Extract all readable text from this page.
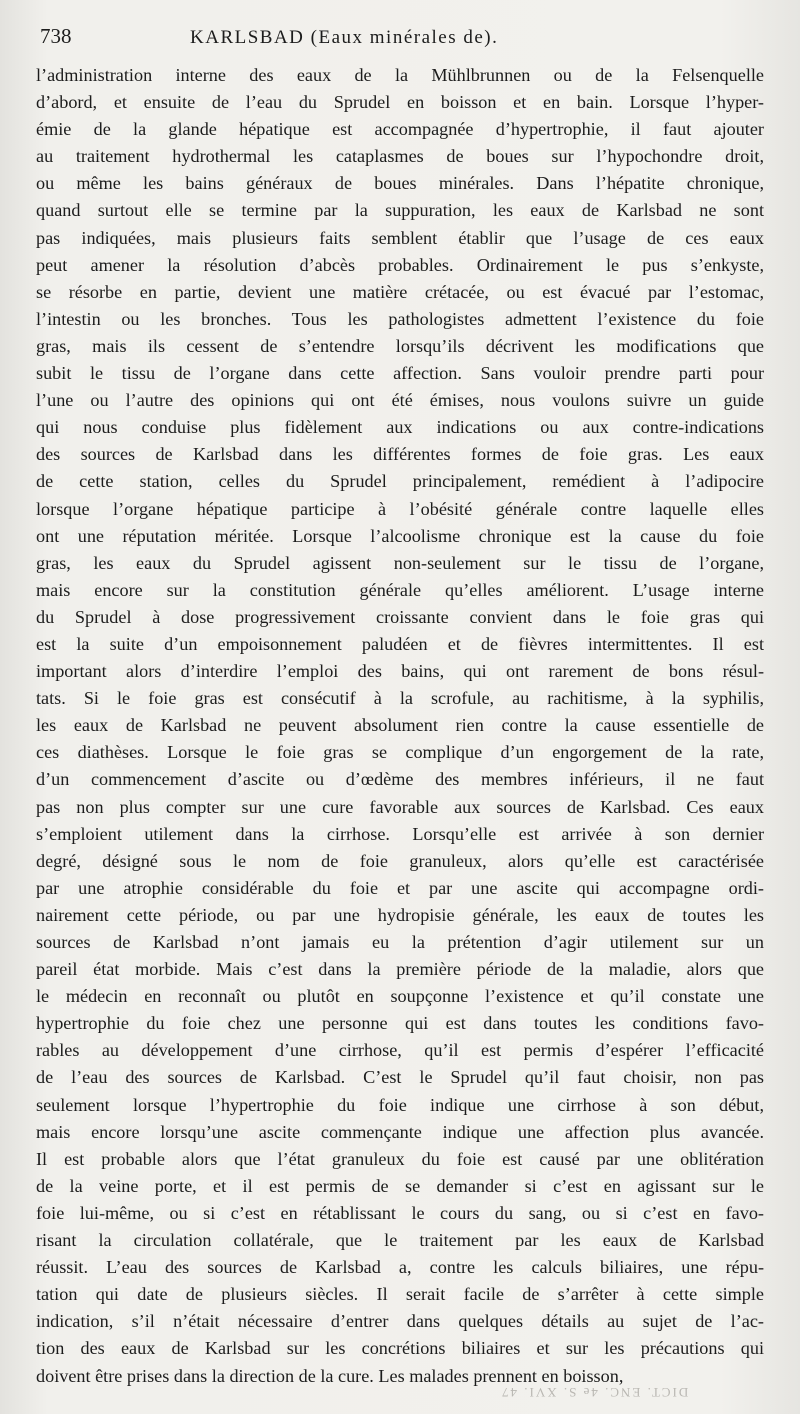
738	KARLSBAD (Eaux minérales de).
l’administration interne des eaux de la Mühlbrunnen ou de la Felsenquelle
d’abord, et ensuite de l’eau du Sprudel en boisson et en bain. Lorsque l’hyper-
émie de la glande hépatique est accompagnée d’hypertrophie, il faut ajouter
au traitement hydrothermal les cataplasmes de boues sur l’hypochondre droit,
ou même les bains généraux de boues minérales. Dans l’hépatite chronique,
quand surtout elle se termine par la suppuration, les eaux de Karlsbad ne sont
pas indiquées, mais plusieurs faits semblent établir que l’usage de ces eaux
peut amener la résolution d’abcès probables. Ordinairement le pus s’enkyste,
se résorbe en partie, devient une matière crétacée, ou est évacué par l’estomac,
l’intestin ou les bronches. Tous les pathologistes admettent l’existence du foie
gras, mais ils cessent de s’entendre lorsqu’ils décrivent les modifications que
subit le tissu de l’organe dans cette affection. Sans vouloir prendre parti pour
l’une ou l’autre des opinions qui ont été émises, nous voulons suivre un guide
qui nous conduise plus fidèlement aux indications ou aux contre-indications
des sources de Karlsbad dans les différentes formes de foie gras. Les eaux
de cette station, celles du Sprudel principalement, remédient à l’adipocire
lorsque l’organe hépatique participe à l’obésité générale contre laquelle elles
ont une réputation méritée. Lorsque l’alcoolisme chronique est la cause du foie
gras, les eaux du Sprudel agissent non-seulement sur le tissu de l’organe,
mais encore sur la constitution générale qu’elles améliorent. L’usage interne
du Sprudel à dose progressivement croissante convient dans le foie gras qui
est la suite d’un empoisonnement paludéen et de fièvres intermittentes. Il est
important alors d’interdire l’emploi des bains, qui ont rarement de bons résul-
tats. Si le foie gras est consécutif à la scrofule, au rachitisme, à la syphilis,
les eaux de Karlsbad ne peuvent absolument rien contre la cause essentielle de
ces diathèses. Lorsque le foie gras se complique d’un engorgement de la rate,
d’un commencement d’ascite ou d’œdème des membres inférieurs, il ne faut
pas non plus compter sur une cure favorable aux sources de Karlsbad. Ces eaux
s’emploient utilement dans la cirrhose. Lorsqu’elle est arrivée à son dernier
degré, désigné sous le nom de foie granuleux, alors qu’elle est caractérisée
par une atrophie considérable du foie et par une ascite qui accompagne ordi-
nairement cette période, ou par une hydropisie générale, les eaux de toutes les
sources de Karlsbad n’ont jamais eu la prétention d’agir utilement sur un
pareil état morbide. Mais c’est dans la première période de la maladie, alors que
le médecin en reconnaît ou plutôt en soupçonne l’existence et qu’il constate une
hypertrophie du foie chez une personne qui est dans toutes les conditions favo-
rables au développement d’une cirrhose, qu’il est permis d’espérer l’efficacité
de l’eau des sources de Karlsbad. C’est le Sprudel qu’il faut choisir, non pas
seulement lorsque l’hypertrophie du foie indique une cirrhose à son début,
mais encore lorsqu’une ascite commençante indique une affection plus avancée.
Il est probable alors que l’état granuleux du foie est causé par une oblitération
de la veine porte, et il est permis de se demander si c’est en agissant sur le
foie lui-même, ou si c’est en rétablissant le cours du sang, ou si c’est en favo-
risant la circulation collatérale, que le traitement par les eaux de Karlsbad
réussit. L’eau des sources de Karlsbad a, contre les calculs biliaires, une répu-
tation qui date de plusieurs siècles. Il serait facile de s’arrêter à cette simple
indication, s’il n’était nécessaire d’entrer dans quelques détails au sujet de l’ac-
tion des eaux de Karlsbad sur les concrétions biliaires et sur les précautions qui
doivent être prises dans la direction de la cure. Les malades prennent en boisson,
DICT. ENC. 4e S. XVI. 47
